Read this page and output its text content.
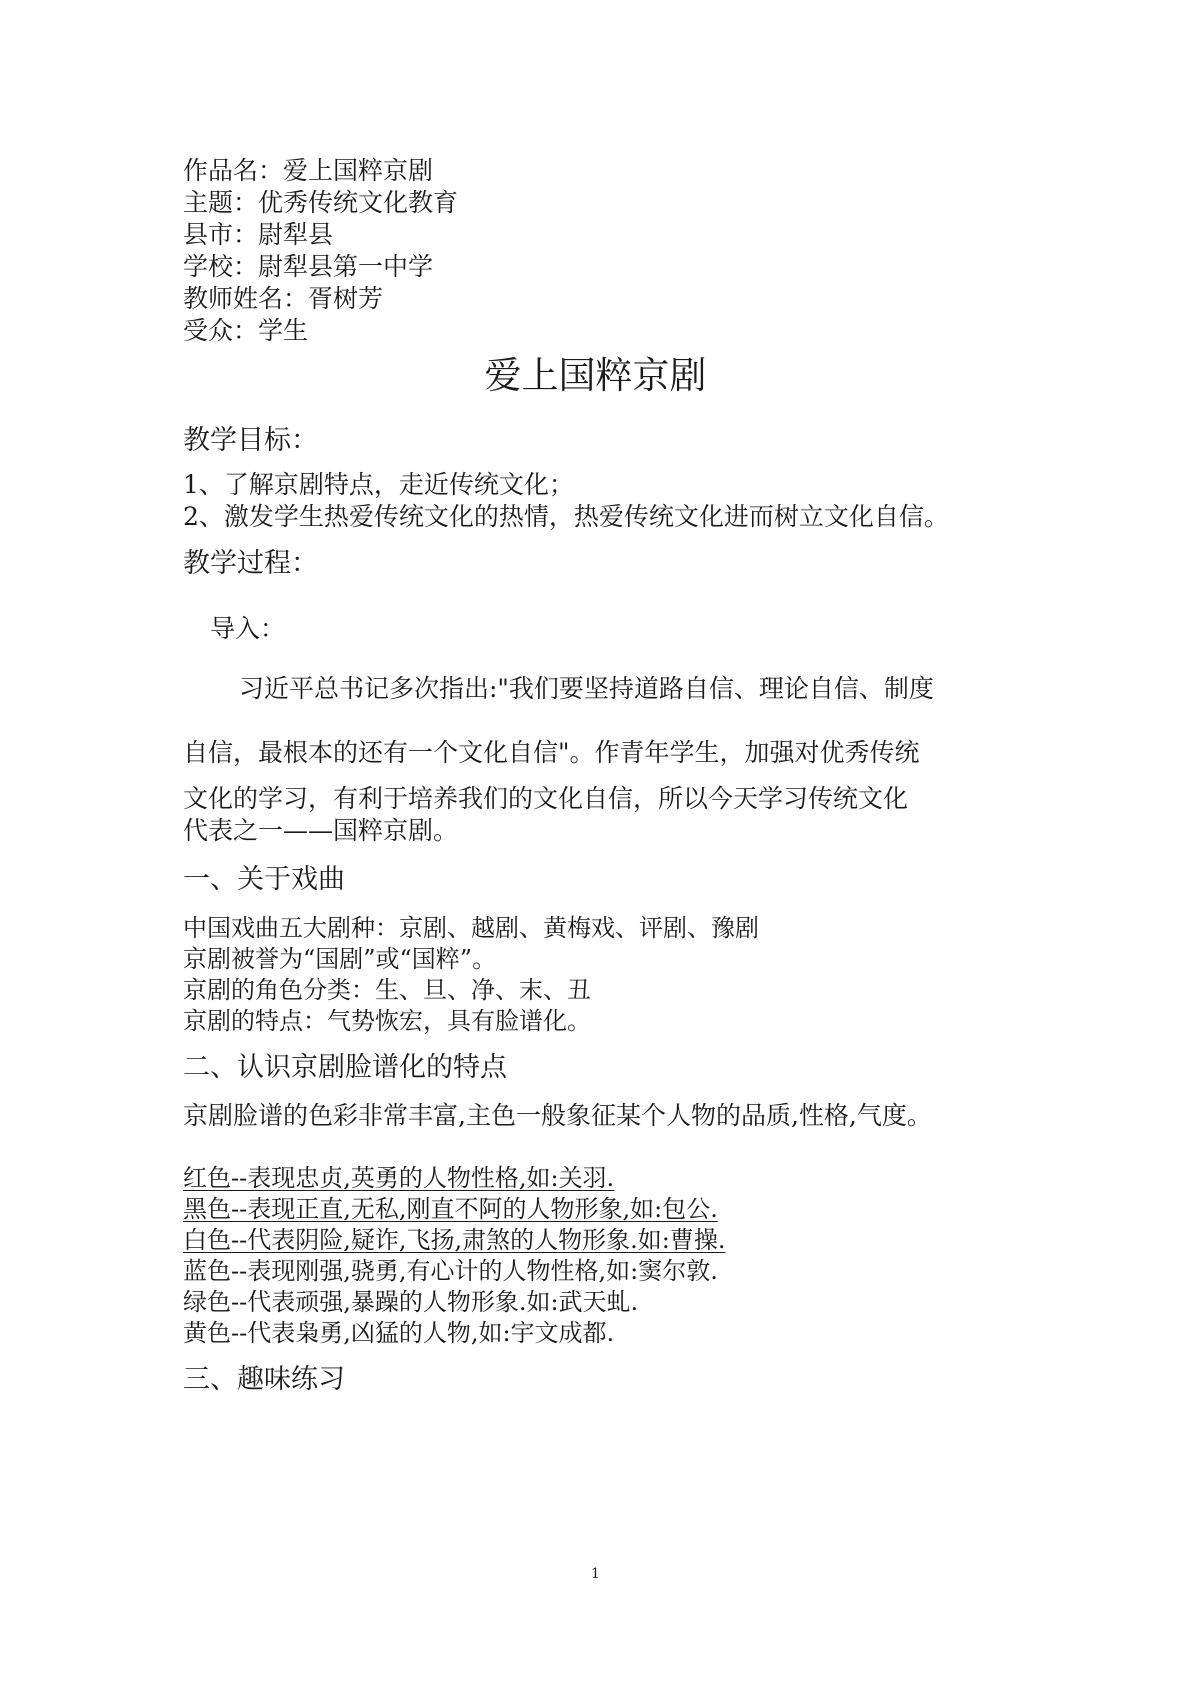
作品名：爱上国粹京剧
主题：优秀传统文化教育
县市：尉犁县
学校：尉犁县第一中学
教师姓名：胥树芳
受众：学生
爱上国粹京剧
教学目标：
1、了解京剧特点，走近传统文化；
2、激发学生热爱传统文化的热情，热爱传统文化进而树立文化自信。
教学过程：
导入：
习近平总书记多次指出:"我们要坚持道路自信、理论自信、制度
自信，最根本的还有一个文化自信"。作青年学生，加强对优秀传统
文化的学习，有利于培养我们的文化自信，所以今天学习传统文化
代表之一——国粹京剧。
一、关于戏曲
中国戏曲五大剧种：京剧、越剧、黄梅戏、评剧、豫剧
京剧被誉为“国剧”或“国粹”。
京剧的角色分类：生、旦、净、末、丑
京剧的特点：气势恢宏，具有脸谱化。
二、认识京剧脸谱化的特点
京剧脸谱的色彩非常丰富,主色一般象征某个人物的品质,性格,气度。
红色--表现忠贞,英勇的人物性格,如:关羽.
黑色--表现正直,无私,刚直不阿的人物形象,如:包公.
白色--代表阴险,疑诈,飞扬,肃煞的人物形象.如:曹操.
蓝色--表现刚强,骁勇,有心计的人物性格,如:窦尔敦.
绿色--代表顽强,暴躁的人物形象.如:武天虬.
黄色--代表枭勇,凶猛的人物,如:宇文成都.
三、趣味练习
1
